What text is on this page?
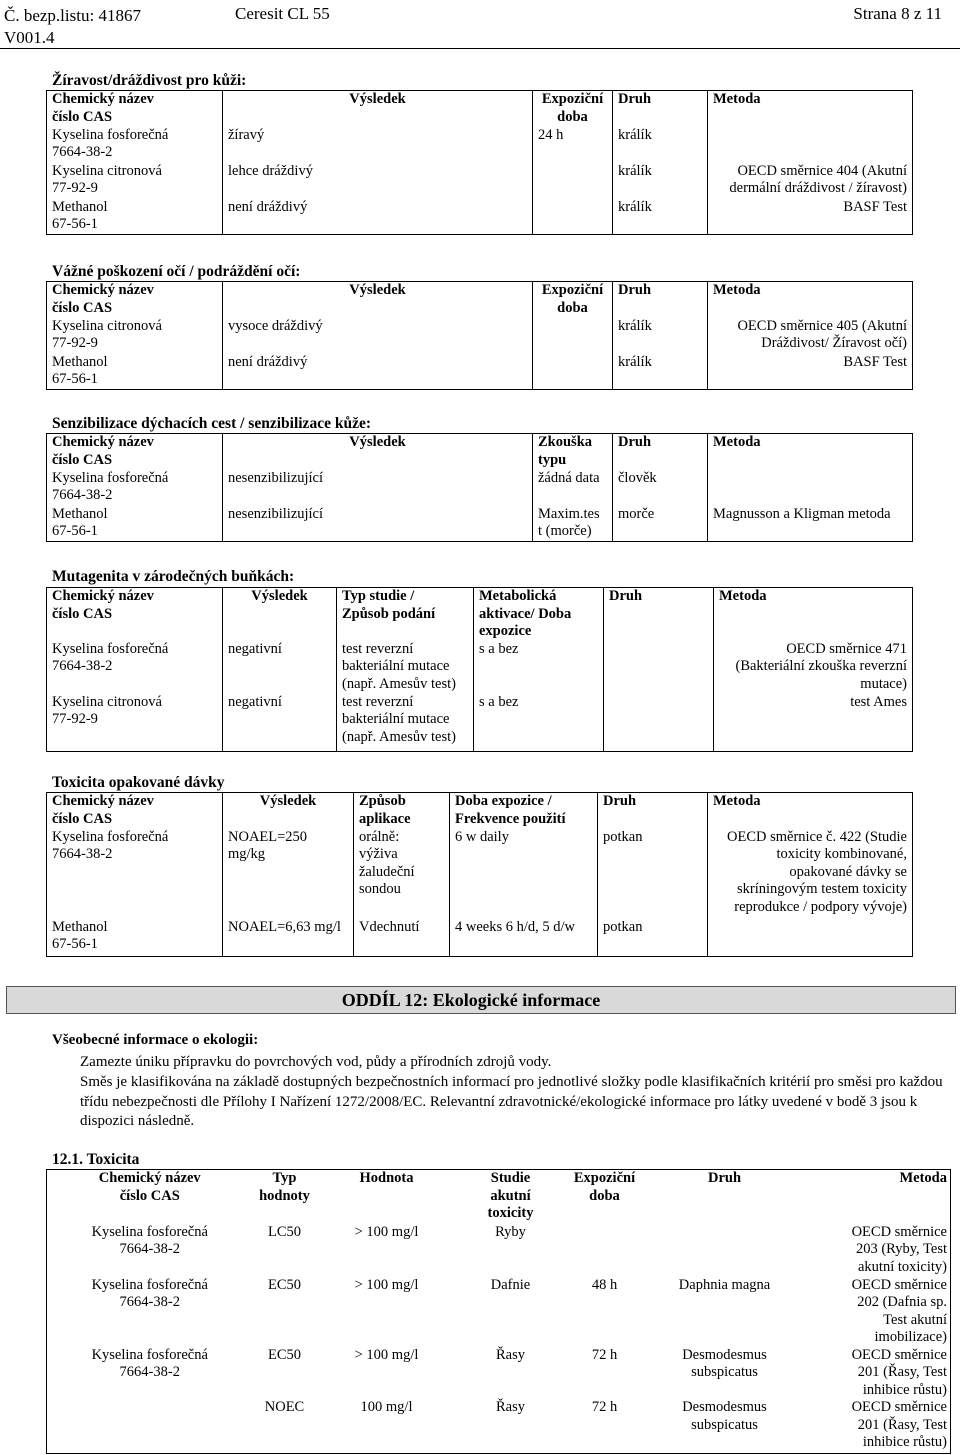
Č. bezp.listu: 41867
V001.4
Ceresit CL 55	Strana 8 z 11
Žíravost/dráždivost pro kůži:
Chemický název
číslo CAS	Výsledek	Expoziční
doba	Druh	Metoda
Kyselina fosforečná
7664-38-2	žíravý	24 h	králík	
Kyselina citronová
77-92-9	lehce dráždivý		králík	OECD směrnice 404 (Akutní
dermální dráždivost / žíravost)
Methanol
67-56-1	není dráždivý		králík	BASF Test
Vážné poškození očí / podráždění očí:
Chemický název
číslo CAS	Výsledek	Expoziční
doba	Druh	Metoda
Kyselina citronová
77-92-9	vysoce dráždivý		králík	OECD směrnice 405 (Akutní
Dráždivost/ Žíravost očí)
Methanol
67-56-1	není dráždivý		králík	BASF Test
Senzibilizace dýchacích cest / senzibilizace kůže:
Chemický název
číslo CAS	Výsledek	Zkouška
typu	Druh	Metoda
Kyselina fosforečná
7664-38-2	nesenzibilizující	žádná data	člověk	
Methanol
67-56-1	nesenzibilizující	Maxim.tes
t (morče)	morče	Magnusson a Kligman metoda
Mutagenita v zárodečných buňkách:
Chemický název
číslo CAS	Výsledek	Typ studie /
Způsob podání	Metabolická
aktivace/ Doba
expozice	Druh	Metoda
Kyselina fosforečná
7664-38-2	negativní	test reverzní
bakteriální mutace
(např. Amesův test)	s a bez		OECD směrnice 471
(Bakteriální zkouška reverzní
mutace)
Kyselina citronová
77-92-9	negativní	test reverzní
bakteriální mutace
(např. Amesův test)	s a bez		test Ames
Toxicita opakované dávky
Chemický název
číslo CAS	Výsledek	Způsob
aplikace	Doba expozice /
Frekvence použití	Druh	Metoda
Kyselina fosforečná
7664-38-2	NOAEL=250
mg/kg	orálně:
výživa
žaludeční
sondou	6 w daily	potkan	OECD směrnice č. 422 (Studie
toxicity kombinované,
opakované dávky se
skríningovým testem toxicity
reprodukce / podpory vývoje)
Methanol
67-56-1	NOAEL=6,63 mg/l	Vdechnutí	4 weeks 6 h/d, 5 d/w	potkan	
ODDÍL 12: Ekologické informace
Všeobecné informace o ekologii:
Zamezte úniku přípravku do povrchových vod, půdy a přírodních zdrojů vody.
Směs je klasifikována na základě dostupných bezpečnostních informací pro jednotlivé složky podle klasifikačních kritérií pro směsi pro každou třídu nebezpečnosti dle Přílohy I Nařízení 1272/2008/EC. Relevantní zdravotnické/ekologické informace pro látky uvedené v bodě 3 jsou k dispozici následně.
12.1. Toxicita
Chemický název
číslo CAS	Typ
hodnoty	Hodnota	Studie
akutní
toxicity	Expoziční
doba	Druh	Metoda
Kyselina fosforečná
7664-38-2	LC50	> 100 mg/l	Ryby			OECD směrnice
203 (Ryby, Test
akutní toxicity)
Kyselina fosforečná
7664-38-2	EC50	> 100 mg/l	Dafnie	48 h	Daphnia magna	OECD směrnice
202 (Dafnia sp.
Test akutní
imobilizace)
Kyselina fosforečná
7664-38-2	EC50	> 100 mg/l	Řasy	72 h	Desmodesmus subspicatus	OECD směrnice
201 (Řasy, Test
inhibice růstu)
	NOEC	100 mg/l	Řasy	72 h	Desmodesmus subspicatus	OECD směrnice
201 (Řasy, Test
inhibice růstu)
